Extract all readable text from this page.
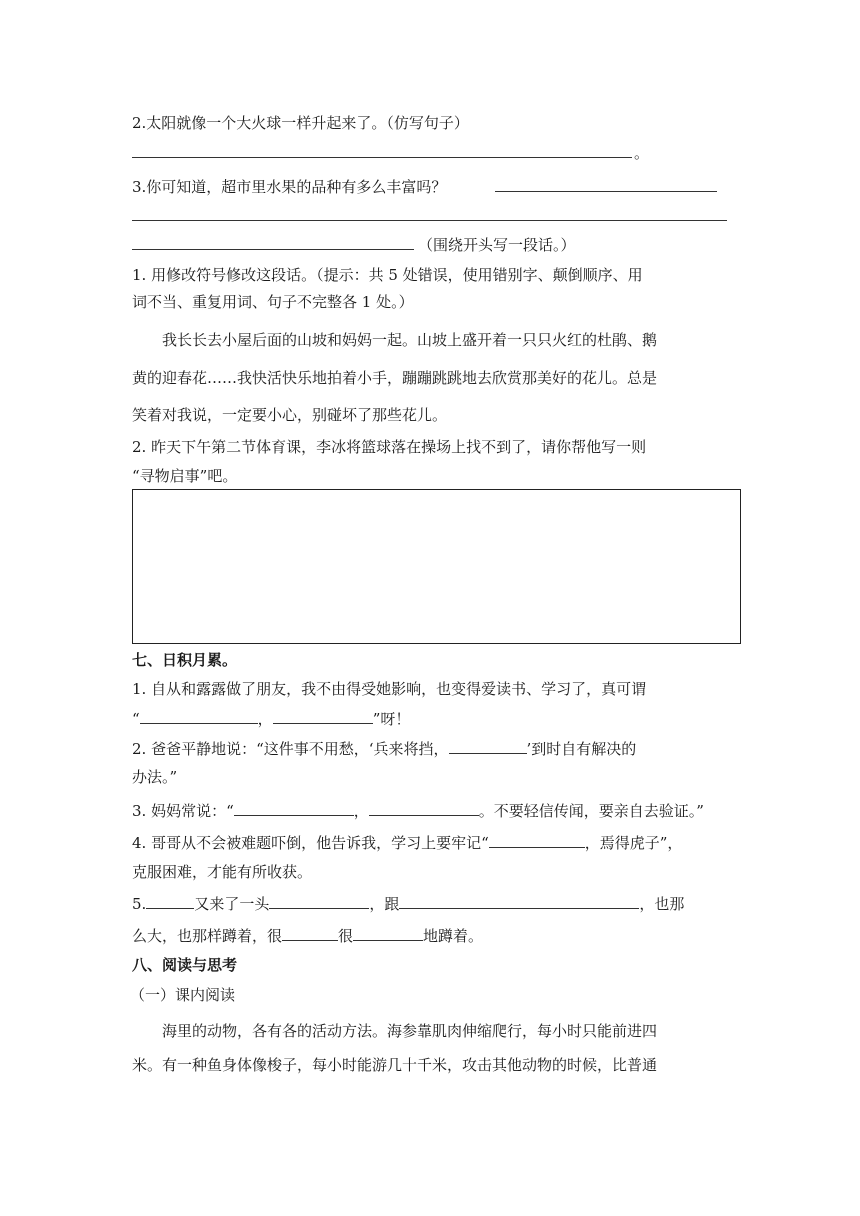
2.太阳就像一个大火球一样升起来了。（仿写句子）
。
3.你可知道，超市里水果的品种有多么丰富吗？
（围绕开头写一段话。）
1. 用修改符号修改这段话。（提示：共 5 处错误，使用错别字、颠倒顺序、用
词不当、重复用词、句子不完整各 1 处。）
我长长去小屋后面的山坡和妈妈一起。山坡上盛开着一只只火红的杜鹃、鹅
黄的迎春花……我快活快乐地拍着小手，蹦蹦跳跳地去欣赏那美好的花儿。总是
笑着对我说，一定要小心，别碰坏了那些花儿。
2. 昨天下午第二节体育课，李冰将篮球落在操场上找不到了，请你帮他写一则
“寻物启事”吧。
七、日积月累。
1. 自从和露露做了朋友，我不由得受她影响，也变得爱读书、学习了，真可谓
“	，	”呀！
2. 爸爸平静地说：“这件事不用愁，‘兵来将挡，	’到时自有解决的
办法。”
3. 妈妈常说：“	，	。不要轻信传闻，要亲自去验证。”
4. 哥哥从不会被难题吓倒，他告诉我，学习上要牢记“	，焉得虎子”，
克服困难，才能有所收获。
5.	又来了一头	，跟	，也那
么大，也那样蹲着，很	很	地蹲着。
八、阅读与思考
（一）课内阅读
海里的动物，各有各的活动方法。海参靠肌肉伸缩爬行，每小时只能前进四
米。有一种鱼身体像梭子，每小时能游几十千米，攻击其他动物的时候，比普通
